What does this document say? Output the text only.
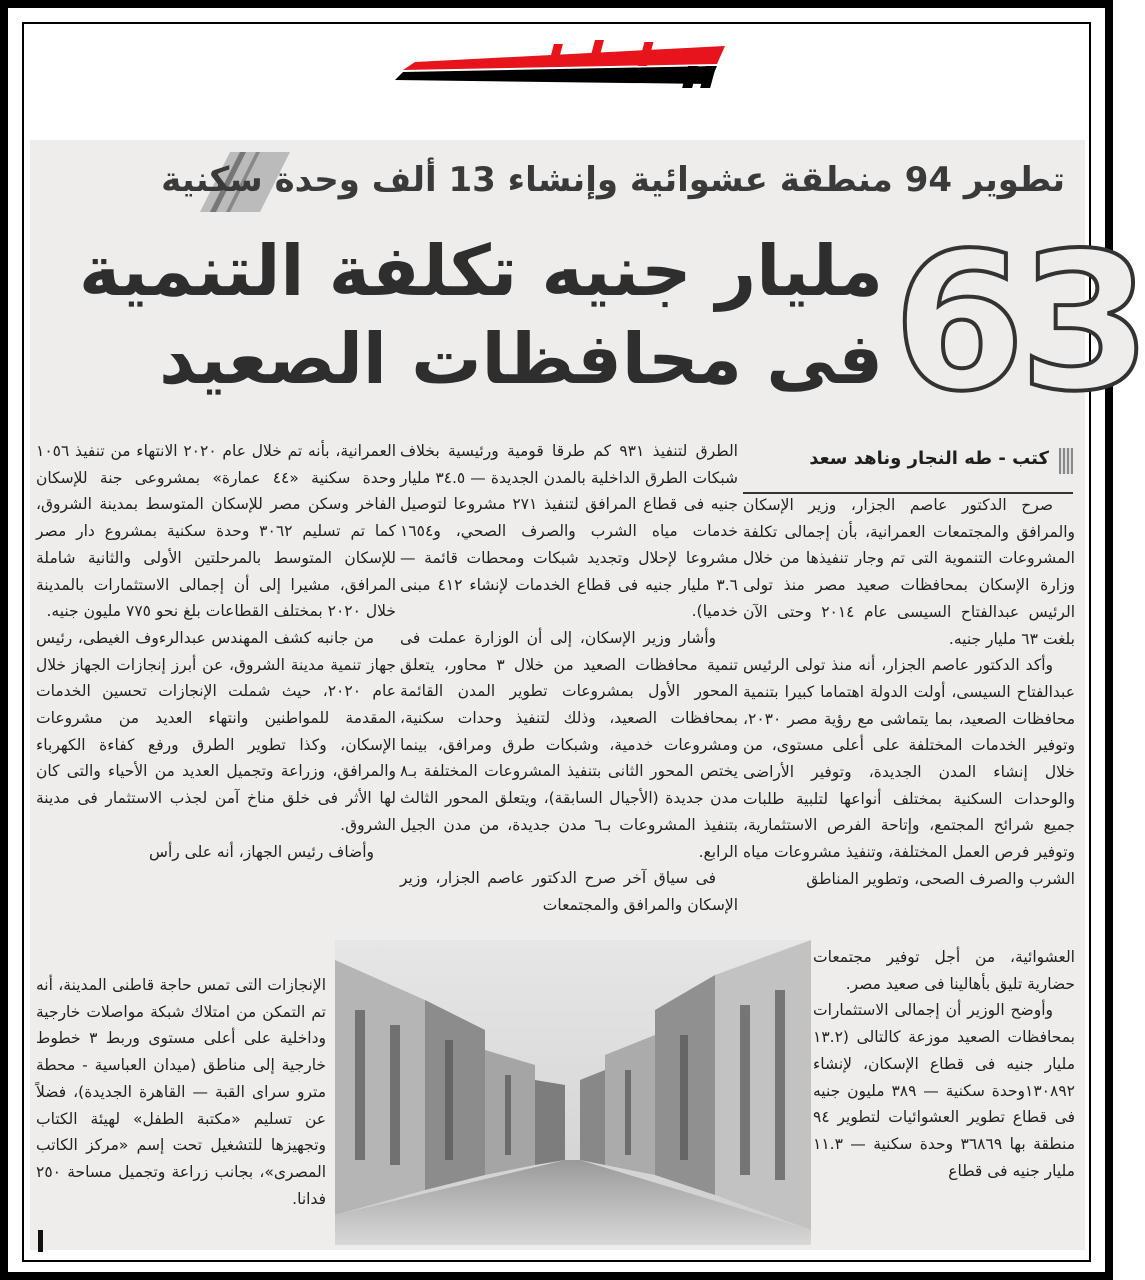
تطوير 94 منطقة عشوائية وإنشاء 13 ألف وحدة سكنية
63
مليار جنيه تكلفة التنمية
فى محافظات الصعيد
كتب - طه النجار وناهد سعد

صرح الدكتور عاصم الجزار، وزير الإسكان والمرافق والمجتمعات العمرانية، بأن إجمالى تكلفة المشروعات التنموية التى تم وجار تنفيذها من خلال وزارة الإسكان بمحافظات صعيد مصر منذ تولى الرئيس عبدالفتاح السيسى عام ٢٠١٤ وحتى الآن بلغت ٦٣ مليار جنيه.

وأكد الدكتور عاصم الجزار، أنه منذ تولى الرئيس عبدالفتاح السيسى، أولت الدولة اهتماما كبيرا بتنمية محافظات الصعيد، بما يتماشى مع رؤية مصر ٢٠٣٠، وتوفير الخدمات المختلفة على أعلى مستوى، من خلال إنشاء المدن الجديدة، وتوفير الأراضى والوحدات السكنية بمختلف أنواعها لتلبية طلبات جميع شرائح المجتمع، وإتاحة الفرص الاستثمارية، وتوفير فرص العمل المختلفة، وتنفيذ مشروعات مياه الشرب والصرف الصحى، وتطوير المناطق

العشوائية، من أجل توفير مجتمعات حضارية تليق بأهالينا فى صعيد مصر.

وأوضح الوزير أن إجمالى الاستثمارات بمحافظات الصعيد موزعة كالتالى (١٣.٢ مليار جنيه فى قطاع الإسكان، لإنشاء ١٣٠٨٩٢وحدة سكنية — ٣٨٩ مليون جنيه فى قطاع تطوير العشوائيات لتطوير ٩٤ منطقة بها ٣٦٨٦٩ وحدة سكنية — ١١.٣ مليار جنيه فى قطاع

الطرق لتنفيذ ٩٣١ كم طرقا قومية ورئيسية بخلاف شبكات الطرق الداخلية بالمدن الجديدة — ٣٤.٥ مليار جنيه فى قطاع المرافق لتنفيذ ٢٧١ مشروعا لتوصيل خدمات مياه الشرب والصرف الصحي، و١٦٥٤ مشروعا لإحلال وتجديد شبكات ومحطات قائمة — ٣.٦ مليار جنيه فى قطاع الخدمات لإنشاء ٤١٢ مبنى خدميا).

وأشار وزير الإسكان، إلى أن الوزارة عملت فى تنمية محافظات الصعيد من خلال ٣ محاور، يتعلق المحور الأول بمشروعات تطوير المدن القائمة بمحافظات الصعيد، وذلك لتنفيذ وحدات سكنية، ومشروعات خدمية، وشبكات طرق ومرافق، بينما يختص المحور الثانى بتنفيذ المشروعات المختلفة بـ٨ مدن جديدة (الأجيال السابقة)، ويتعلق المحور الثالث بتنفيذ المشروعات بـ٦ مدن جديدة، من مدن الجيل الرابع.

فى سياق آخر صرح الدكتور عاصم الجزار، وزير الإسكان والمرافق والمجتمعات

العمرانية، بأنه تم خلال عام ٢٠٢٠ الانتهاء من تنفيذ ١٠٥٦ وحدة سكنية «٤٤ عمارة» بمشروعى جنة للإسكان الفاخر وسكن مصر للإسكان المتوسط بمدينة الشروق، كما تم تسليم ٣٠٦٢ وحدة سكنية بمشروع دار مصر للإسكان المتوسط بالمرحلتين الأولى والثانية شاملة المرافق، مشيرا إلى أن إجمالى الاستثمارات بالمدينة خلال ٢٠٢٠ بمختلف القطاعات بلغ نحو ٧٧٥ مليون جنيه.

من جانبه كشف المهندس عبدالرءوف الغيطى، رئيس جهاز تنمية مدينة الشروق، عن أبرز إنجازات الجهاز خلال عام ٢٠٢٠، حيث شملت الإنجازات تحسين الخدمات المقدمة للمواطنين وانتهاء العديد من مشروعات الإسكان، وكذا تطوير الطرق ورفع كفاءة الكهرباء والمرافق، وزراعة وتجميل العديد من الأحياء والتى كان لها الأثر فى خلق مناخ آمن لجذب الاستثمار فى مدينة الشروق.

وأضاف رئيس الجهاز، أنه على رأس

الإنجازات التى تمس حاجة قاطنى المدينة، أنه تم التمكن من امتلاك شبكة مواصلات خارجية وداخلية على أعلى مستوى وربط ٣ خطوط خارجية إلى مناطق (ميدان العباسية - محطة مترو سراى القبة — القاهرة الجديدة)، فضلاً عن تسليم «مكتبة الطفل» لهيئة الكتاب وتجهيزها للتشغيل تحت إسم «مركز الكاتب المصرى»، بجانب زراعة وتجميل مساحة ٢٥٠ فدانا.
